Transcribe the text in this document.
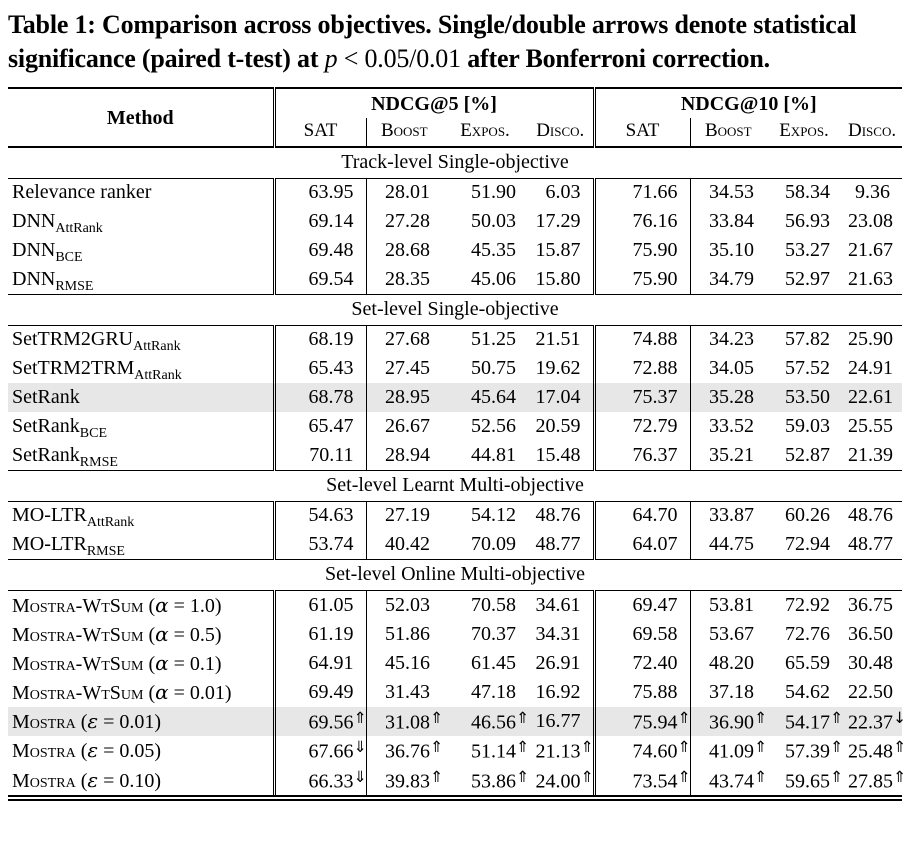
Table 1: Comparison across objectives. Single/double arrows denote statistical significance (paired t-test) at p < 0.05/0.01 after Bonferroni correction.
Method	NDCG@5 [%]				NDCG@10 [%]			
	SAT	Boost	Expos.	Disco.	SAT	Boost	Expos.	Disco.
Track-level Single-objective								
Relevance ranker	63.95	28.01	51.90	6.03	71.66	34.53	58.34	9.36
$DNN_{AttRank}$	69.14	27.28	50.03	17.29	76.16	33.84	56.93	23.08
$DNN_{BCE}$	69.48	28.68	45.35	15.87	75.90	35.10	53.27	21.67
$DNN_{RMSE}$	69.54	28.35	45.06	15.80	75.90	34.79	52.97	21.63
Set-level Single-objective								
$SetTRM2GRU_{AttRank}$	68.19	27.68	51.25	21.51	74.88	34.23	57.82	25.90
$SetTRM2TRM_{AttRank}$	65.43	27.45	50.75	19.62	72.88	34.05	57.52	24.91
SetRank	68.78	28.95	45.64	17.04	75.37	35.28	53.50	22.61
SetRank$_{BCE}$	65.47	26.67	52.56	20.59	72.79	33.52	59.03	25.55
SetRank$_{RMSE}$	70.11	28.94	44.81	15.48	76.37	35.21	52.87	21.39
Set-level Learnt Multi-objective								
$MO-LTR_{AttRank}$	54.63	27.19	54.12	48.76	64.70	33.87	60.26	48.76
$MO-LTR_{RMSE}$	53.74	40.42	70.09	48.77	64.07	44.75	72.94	48.77
Set-level Online Multi-objective								
Mostra-WtSum (α = 1.0)	61.05	52.03	70.58	34.61	69.47	53.81	72.92	36.75
Mostra-WtSum (α = 0.5)	61.19	51.86	70.37	34.31	69.58	53.67	72.76	36.50
Mostra-WtSum (α = 0.1)	64.91	45.16	61.45	26.91	72.40	48.20	65.59	30.48
Mostra-WtSum (α = 0.01)	69.49	31.43	47.18	16.92	75.88	37.18	54.62	22.50
Mostra (ε = 0.01)	69.56⇑	31.08⇑	46.56⇑	16.77	75.94⇑	36.90⇑	54.17⇑	22.37↓
Mostra (ε = 0.05)	67.66⇓	36.76⇑	51.14⇑	21.13⇑	74.60⇑	41.09⇑	57.39⇑	25.48⇑
Mostra (ε = 0.10)	66.33⇓	39.83⇑	53.86⇑	24.00⇑	73.54⇑	43.74⇑	59.65⇑	27.85⇑
